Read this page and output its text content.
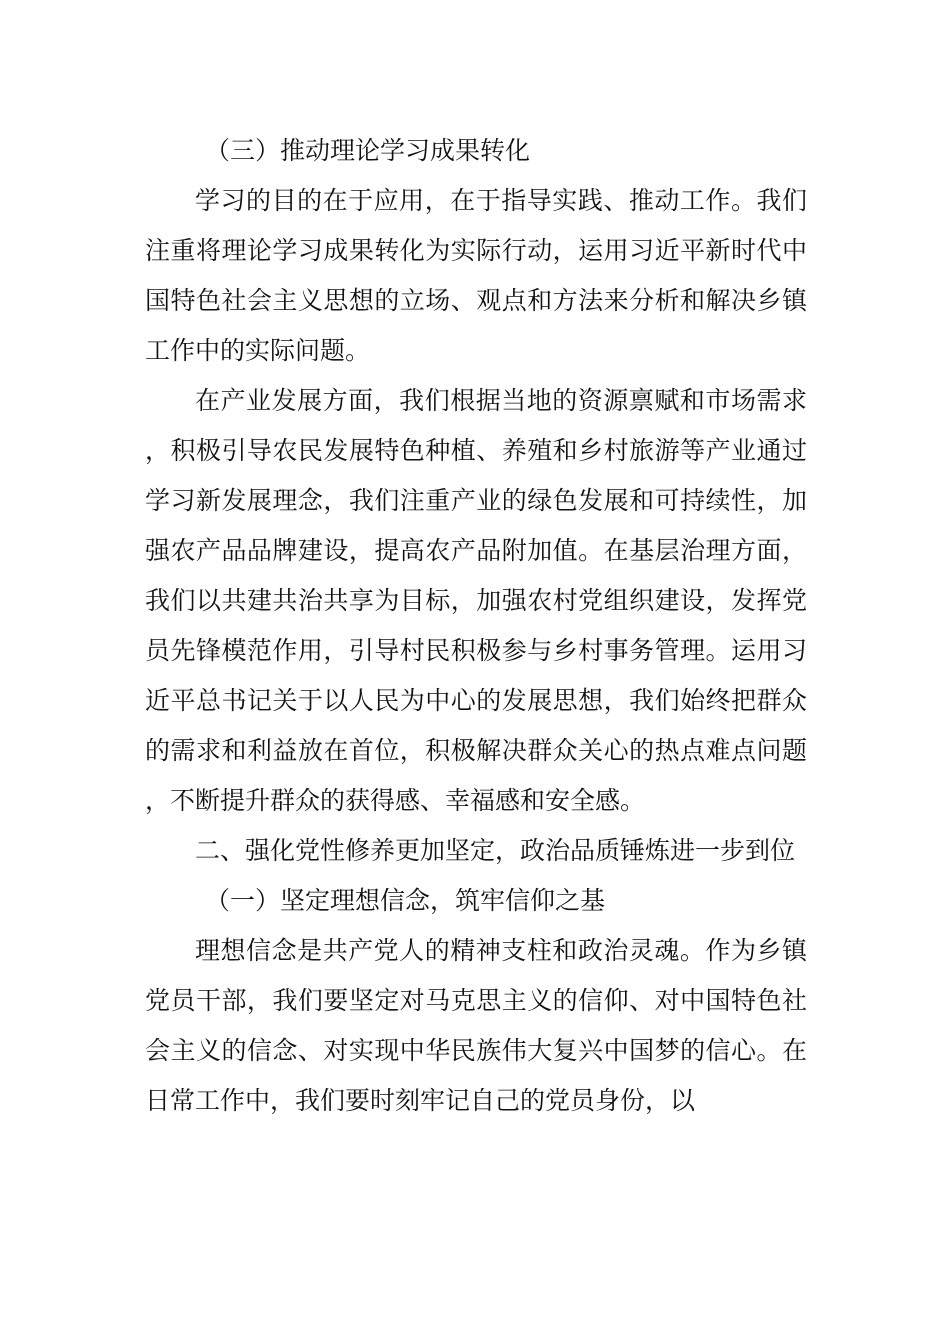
（三）推动理论学习成果转化

学习的目的在于应用，在于指导实践、推动工作。我们注重将理论学习成果转化为实际行动，运用习近平新时代中国特色社会主义思想的立场、观点和方法来分析和解决乡镇工作中的实际问题。

在产业发展方面，我们根据当地的资源禀赋和市场需求，积极引导农民发展特色种植、养殖和乡村旅游等产业通过学习新发展理念，我们注重产业的绿色发展和可持续性，加强农产品品牌建设，提高农产品附加值。在基层治理方面，我们以共建共治共享为目标，加强农村党组织建设，发挥党员先锋模范作用，引导村民积极参与乡村事务管理。运用习近平总书记关于以人民为中心的发展思想，我们始终把群众的需求和利益放在首位，积极解决群众关心的热点难点问题，不断提升群众的获得感、幸福感和安全感。

二、强化党性修养更加坚定，政治品质锤炼进一步到位

（一）坚定理想信念，筑牢信仰之基

理想信念是共产党人的精神支柱和政治灵魂。作为乡镇党员干部，我们要坚定对马克思主义的信仰、对中国特色社会主义的信念、对实现中华民族伟大复兴中国梦的信心。在日常工作中，我们要时刻牢记自己的党员身份，以
